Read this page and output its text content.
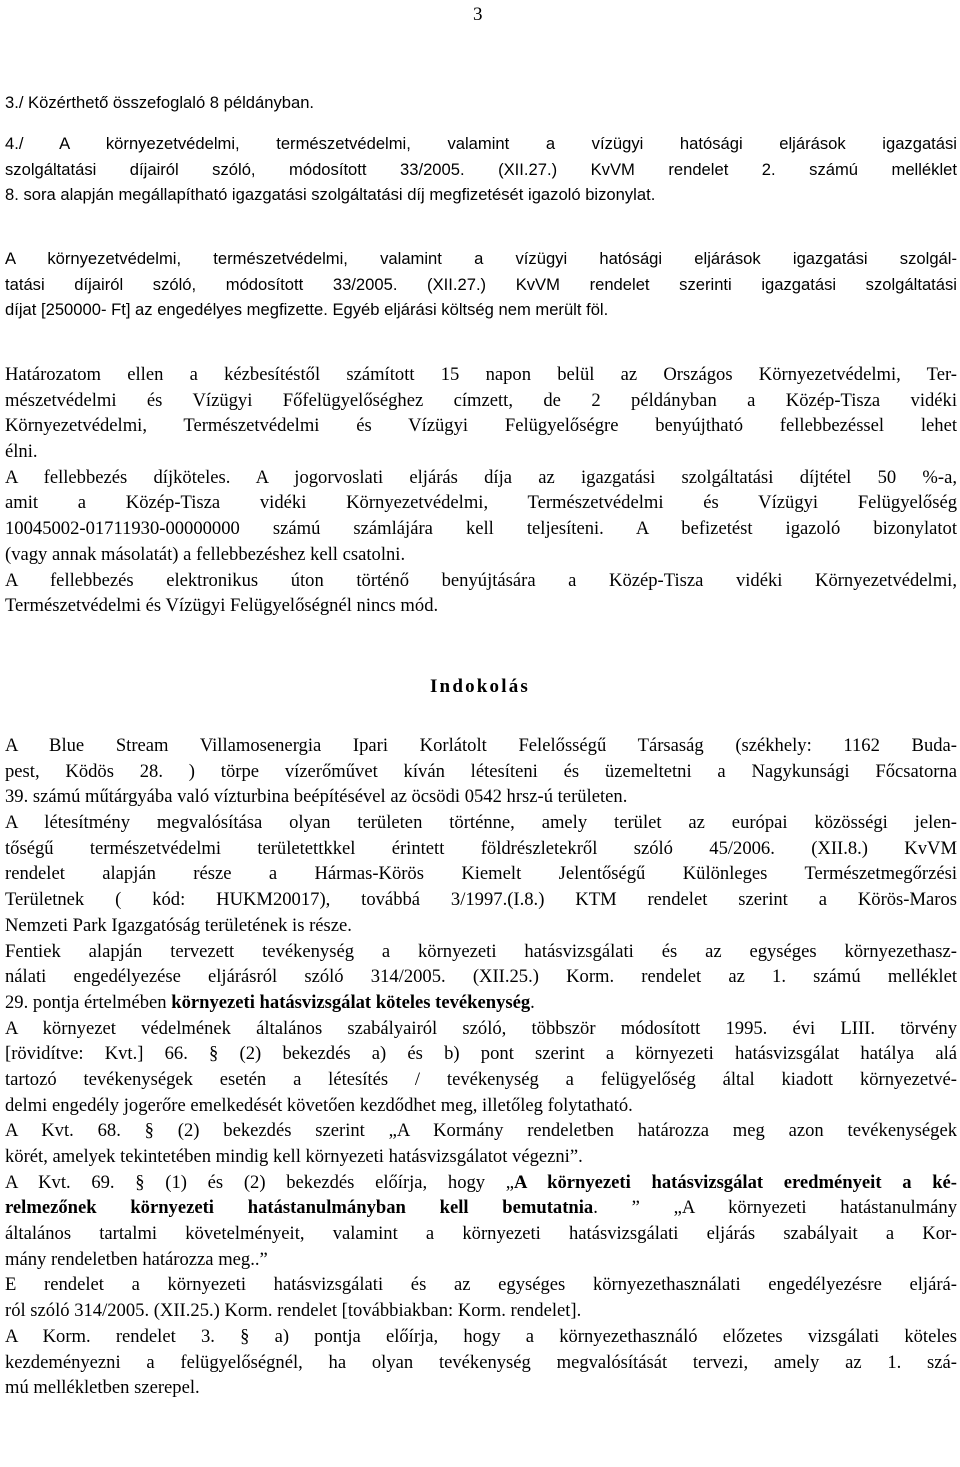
3
3./ Közérthető összefoglaló 8 példányban.
4./ A környezetvédelmi, természetvédelmi, valamint a vízügyi hatósági eljárások igazgatási
szolgáltatási díjairól szóló, módosított 33/2005. (XII.27.) KvVM rendelet 2. számú melléklet
8. sora alapján megállapítható igazgatási szolgáltatási díj megfizetését igazoló bizonylat.
A környezetvédelmi, természetvédelmi, valamint a vízügyi hatósági eljárások igazgatási szolgál-
tatási díjairól szóló, módosított 33/2005. (XII.27.) KvVM rendelet szerinti igazgatási szolgáltatási
díjat [250000- Ft] az engedélyes megfizette. Egyéb eljárási költség nem merült föl.
Határozatom ellen a kézbesítéstől számított 15 napon belül az Országos Környezetvédelmi, Ter-
mészetvédelmi és Vízügyi Főfelügyelőséghez címzett, de 2 példányban a Közép-Tisza vidéki
Környezetvédelmi, Természetvédelmi és Vízügyi Felügyelőségre benyújtható fellebbezéssel lehet
élni.
A fellebbezés díjköteles. A jogorvoslati eljárás díja az igazgatási szolgáltatási díjtétel 50 %-a,
amit a Közép-Tisza vidéki Környezetvédelmi, Természetvédelmi és Vízügyi Felügyelőség
10045002-01711930-00000000 számú számlájára kell teljesíteni. A befizetést igazoló bizonylatot
(vagy annak másolatát) a fellebbezéshez kell csatolni.
A fellebbezés elektronikus úton történő benyújtására a Közép-Tisza vidéki Környezetvédelmi,
Természetvédelmi és Vízügyi Felügyelőségnél nincs mód.
Indokolás
A Blue Stream Villamosenergia Ipari Korlátolt Felelősségű Társaság (székhely: 1162 Buda-
pest, Ködös 28. ) törpe vízerőművet kíván létesíteni és üzemeltetni a Nagykunsági Főcsatorna
39. számú műtárgyába való vízturbina beépítésével az öcsödi 0542 hrsz-ú területen.
A létesítmény megvalósítása olyan területen történne, amely terület az európai közösségi jelen-
tőségű természetvédelmi területettkkel érintett földrészletekről szóló 45/2006. (XII.8.) KvVM
rendelet alapján része a Hármas-Körös Kiemelt Jelentőségű Különleges Természetmegőrzési
Területnek ( kód: HUKM20017), továbbá 3/1997.(I.8.) KTM rendelet szerint a Körös-Maros
Nemzeti Park Igazgatóság területének is része.
Fentiek alapján tervezett tevékenység a környezeti hatásvizsgálati és az egységes környezethasz-
nálati engedélyezése eljárásról szóló 314/2005. (XII.25.) Korm. rendelet az 1. számú melléklet
29. pontja értelmében környezeti hatásvizsgálat köteles tevékenység.
A környezet védelmének általános szabályairól szóló, többször módosított 1995. évi LIII. törvény
[rövidítve: Kvt.] 66. § (2) bekezdés a) és b) pont szerint a környezeti hatásvizsgálat hatálya alá
tartozó tevékenységek esetén a létesítés / tevékenység a felügyelőség által kiadott környezetvé-
delmi engedély jogerőre emelkedését követően kezdődhet meg, illetőleg folytatható.
A Kvt. 68. § (2) bekezdés szerint „A Kormány rendeletben határozza meg azon tevékenységek
körét, amelyek tekintetében mindig kell környezeti hatásvizsgálatot végezni”.
A Kvt. 69. § (1) és (2) bekezdés előírja, hogy „A környezeti hatásvizsgálat eredményeit a ké-
relmezőnek környezeti hatástanulmányban kell bemutatnia. ” „A környezeti hatástanulmány
általános tartalmi követelményeit, valamint a környezeti hatásvizsgálati eljárás szabályait a Kor-
mány rendeletben határozza meg..”
E rendelet a környezeti hatásvizsgálati és az egységes környezethasználati engedélyezésre eljárá-
ról szóló 314/2005. (XII.25.) Korm. rendelet [továbbiakban: Korm. rendelet].
A Korm. rendelet 3. § a) pontja előírja, hogy a környezethasználó előzetes vizsgálati köteles
kezdeményezni a felügyelőségnél, ha olyan tevékenység megvalósítását tervezi, amely az 1. szá-
mú mellékletben szerepel.
